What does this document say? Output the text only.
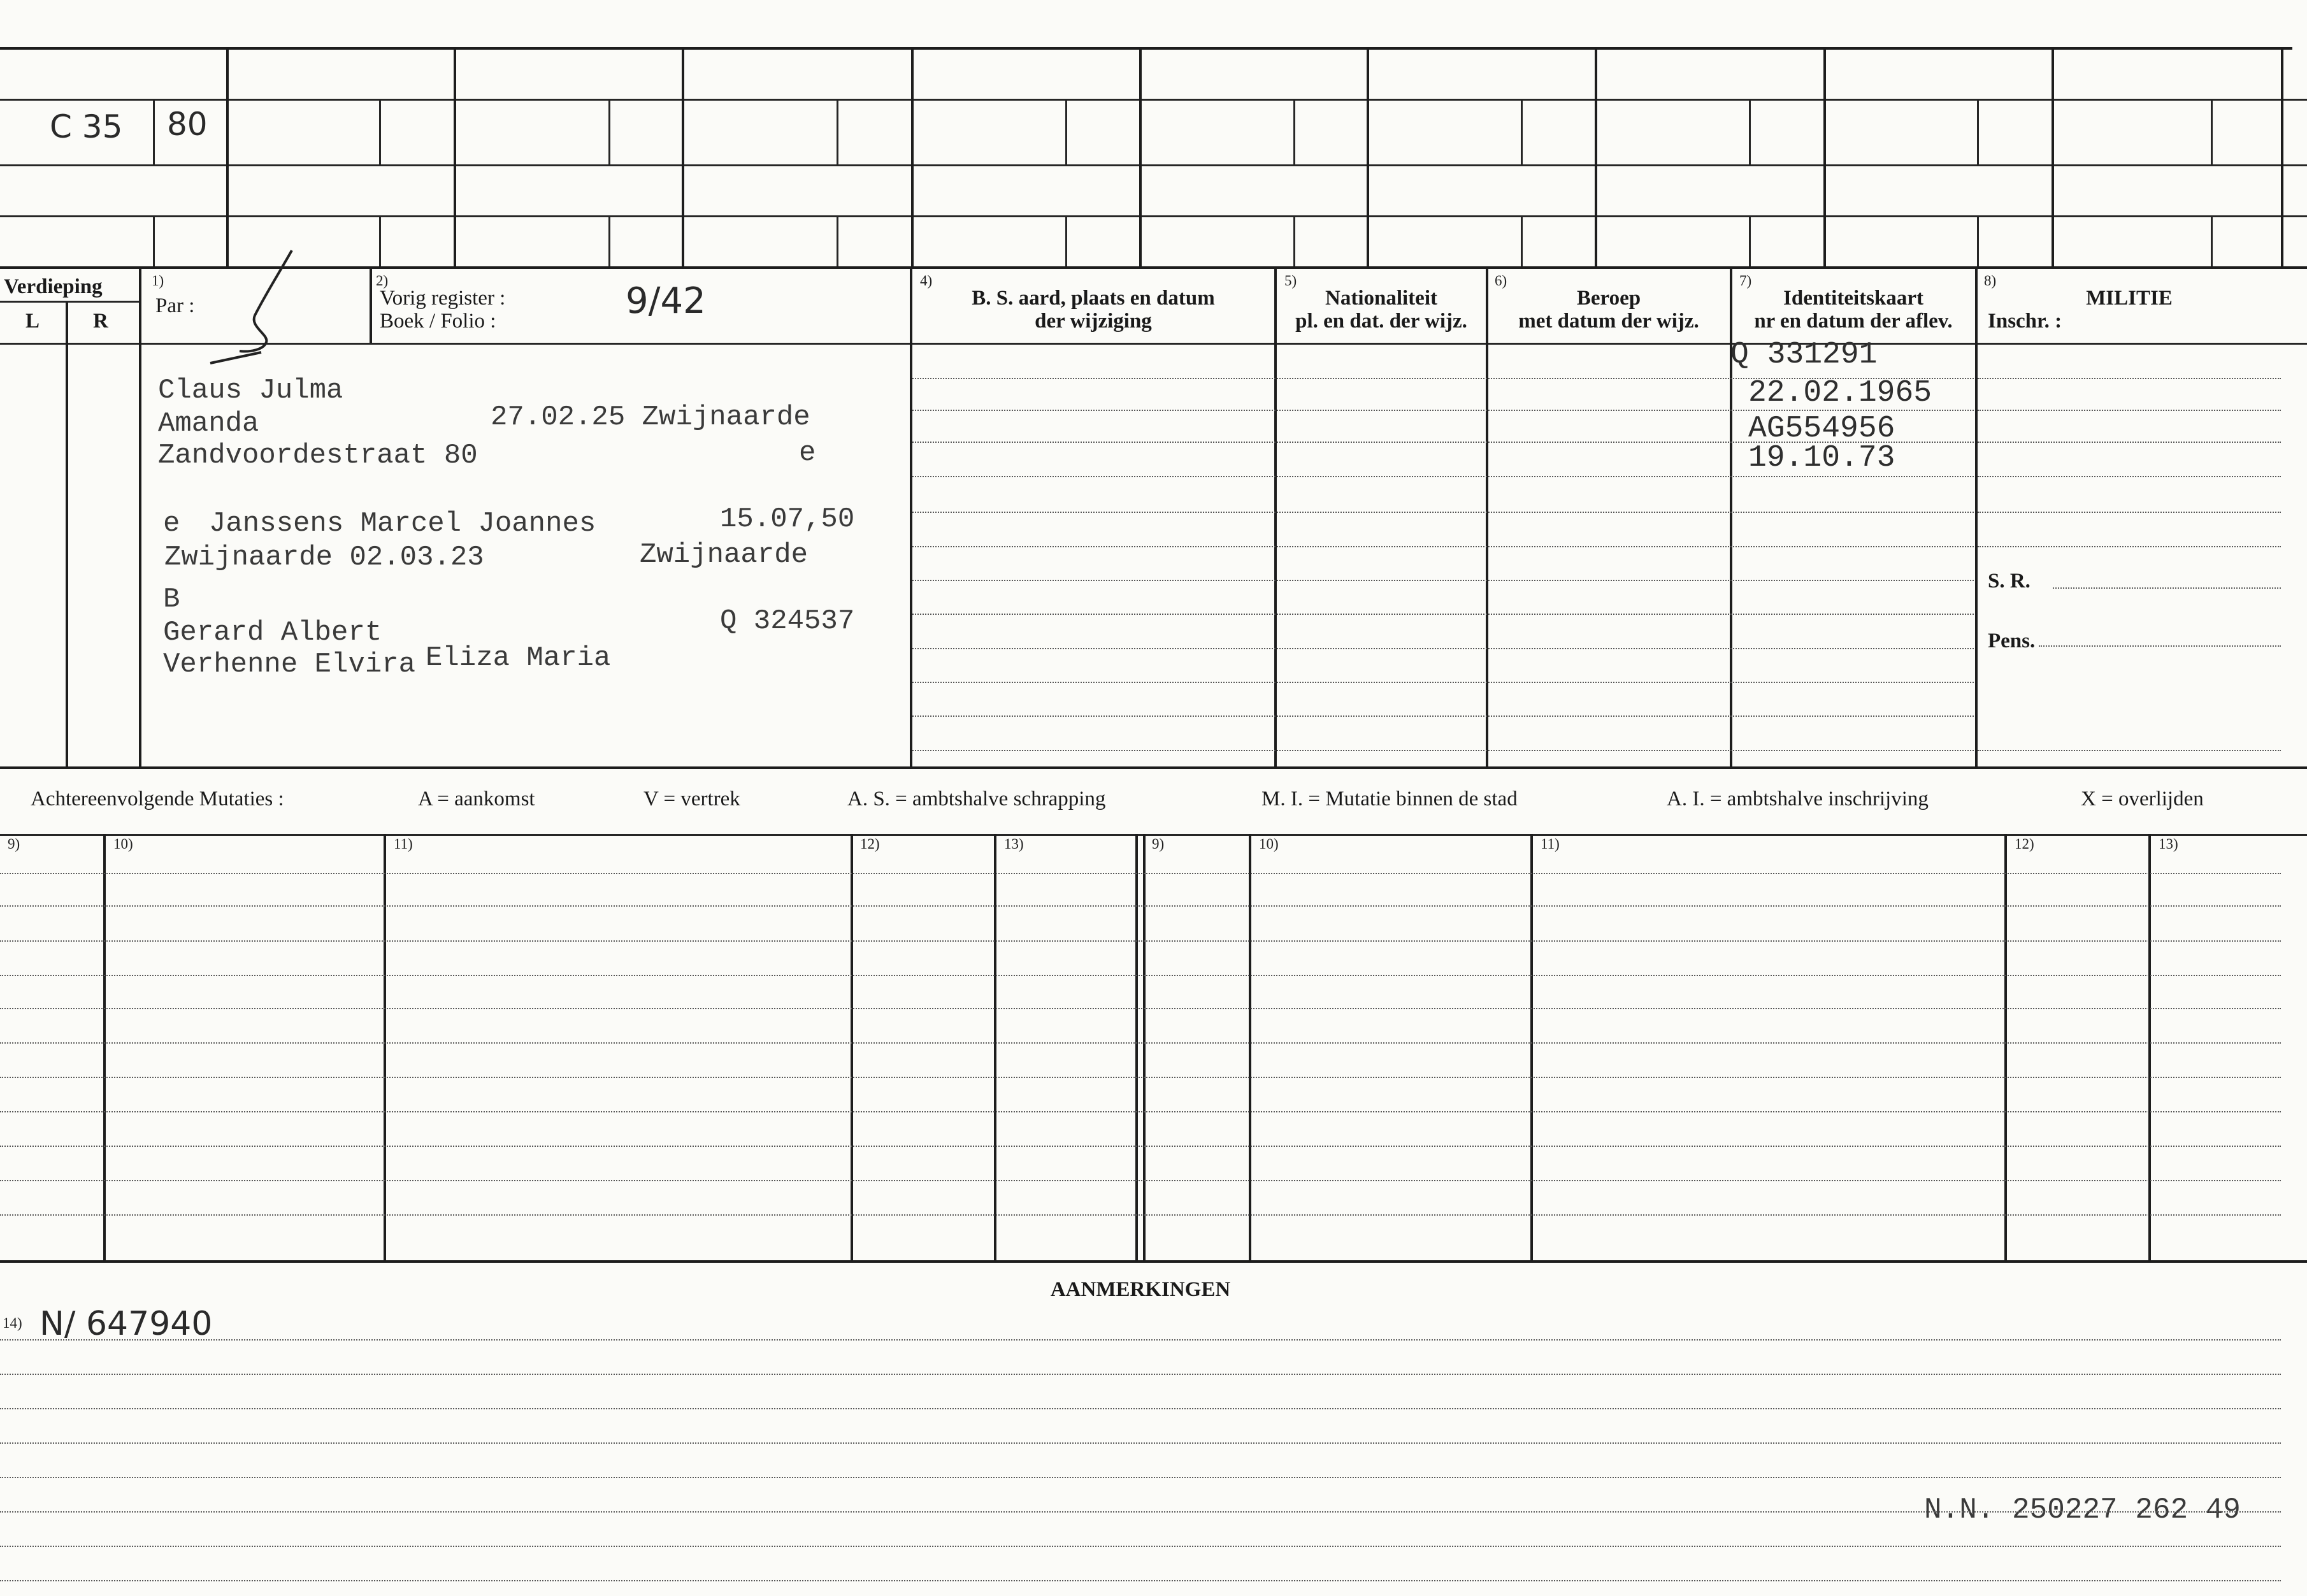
C 35 80
Verdieping
L	R
1)
Par :
2)
Vorig register :
Boek / Folio :	9/42	4)
B. S. aard, plaats en datum
der wijziging
5)
Nationaliteit
pl. en dat. der wijz.
6)
Beroep
met datum der wijz.
7)
Identiteitskaart
nr en datum der aflev.
8)
MILITIE
Inschr. :
S. R.
Pens.
Claus Julma
Amanda	27.02.25 Zwijnaarde
Zandvoordestraat 80	e
e Janssens Marcel Joannes	15.07,50
Zwijnaarde 02.03.23	Zwijnaarde
B
Gerard Albert	Q 324537
Verhenne Elvira Eliza Maria
Q 331291
22.02.1965
AG554956
19.10.73
Achtereenvolgende Mutaties :	A = aankomst	V = vertrek	A. S. = ambtshalve schrapping	M. I. = Mutatie binnen de stad	A. I. = ambtshalve inschrijving	X = overlijden
9)	10)	11)	12)	13)	9)	10)	11)	12)	13)
AANMERKINGEN
14) N/ 647940
N.N. 250227 262 49
